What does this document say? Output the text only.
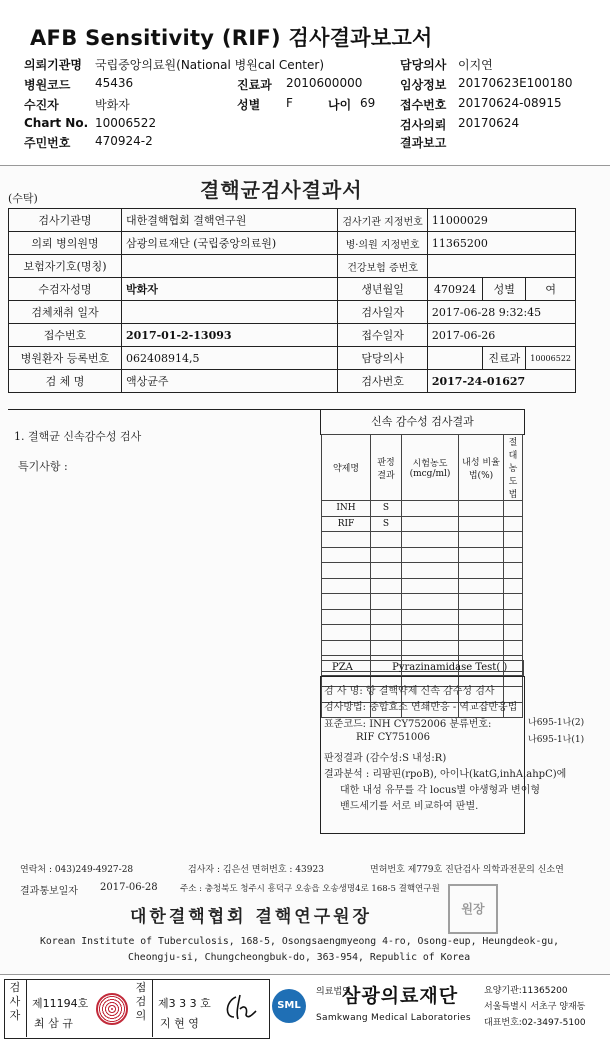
AFB Sensitivity (RIF) 검사결과보고서
의뢰기관명 국립중앙의료원(National 병원cal Center)	담당의사 이지연
병원코드 45436	진료과 2010600000	임상정보 20170623E100180
수진자	박화자	성별 F	나이 69 접수번호 20170624-08915
Chart No. 10006522	검사의뢰 20170624
주민번호 470924-2	결과보고
(수탁)	결핵균검사결과서
검사기관명	대한결핵협회 결핵연구원	검사기관 지정번호	11000029		
의뢰 병의원명	삼광의료재단 (국립중앙의료원)	병·의원 지정번호	11365200		
보험자기호(명칭)		건강보험 증번호			
수검자성명	박화자	생년월일	470924	성별	여
검체채취 일자		검사일자	2017-06-28 9:32:45		
접수번호	2017-01-2-13093	접수일자	2017-06-26		
병원환자 등록번호	062408914,5	담당의사		진료과	10006522
검 체 명	액상균주	검사번호	2017-24-01627		
1. 결핵균 신속감수성 검사
특기사항 :
신속 감수성 검사결과
약제명	판정 결과	시험농도 (mcg/ml)	내성 비율법(%)	절대 농도법
INH	S			
RIF	S			

PZA	Pyrazinamidase Test( )
검 사 명: 항 결핵약제 신속 감수성 검사
검사방법: 중합효소 연쇄반응 - 역교잡반응법
표준코드: INH CY752006 분류번호:	나695-1나(2)
RIF CY751006	나695-1나(1)
판정결과 (감수성:S 내성:R)
결과분석 : 리팜핀(rpoB), 아이나(katG,inhA,ahpC)에
대한 내성 유무를 각 locus별 야생형과 변이형
밴드세기를 서로 비교하여 판별.
연락처 : 043)249-4927-28	검사자 : 김은선 면허번호 : 43923	면허번호 제779호 진단검사 의학과전문의 신소연
결과통보일자 2017-06-28	주소 : 충청북도 청주시 흥덕구 오송읍 오송생명4로 168-5 결핵연구원
대한결핵협회 결핵연구원장	원장
Korean Institute of Tuberculosis, 168-5, Osongsaengmyeong 4-ro, Osong-eup, Heungdeok-gu,
Cheongju-si, Chungcheongbuk-do, 363-954, Republic of Korea
검사자
제11194호
최 삼 규
점검의
제3 3 3 호
지 현 영
SML
의료법인
삼광의료재단
Samkwang Medical Laboratories
요양기관:11365200
서울특별시 서초구 양재동
대표번호:02-3497-5100
